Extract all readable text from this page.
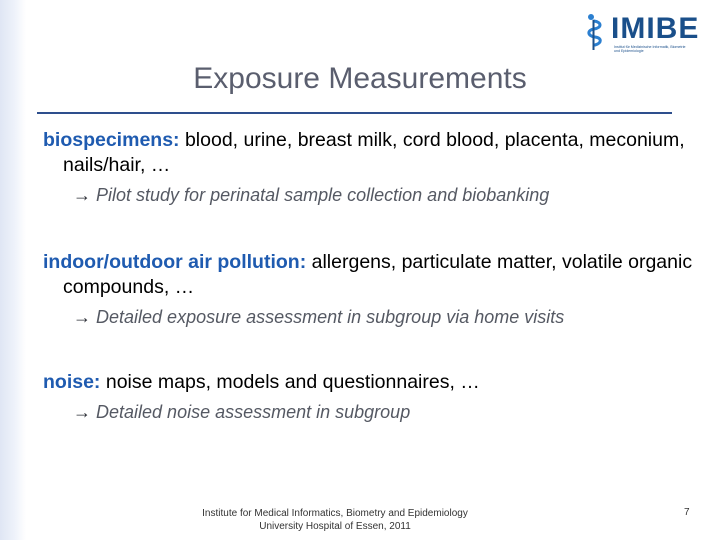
IMIBE
Institut für Medizinische Informatik, Biometrie
und Epidemiologie
Exposure Measurements

biospecimens: blood, urine, breast milk, cord blood, placenta, meconium, nails/hair, …

→ Pilot study for perinatal sample collection and biobanking

indoor/outdoor air pollution: allergens, particulate matter, volatile organic compounds, …

→ Detailed exposure assessment in subgroup via home visits

noise: noise maps, models and questionnaires, …

→ Detailed noise assessment in subgroup

Institute for Medical Informatics, Biometry and Epidemiology
University Hospital of Essen, 2011
7
